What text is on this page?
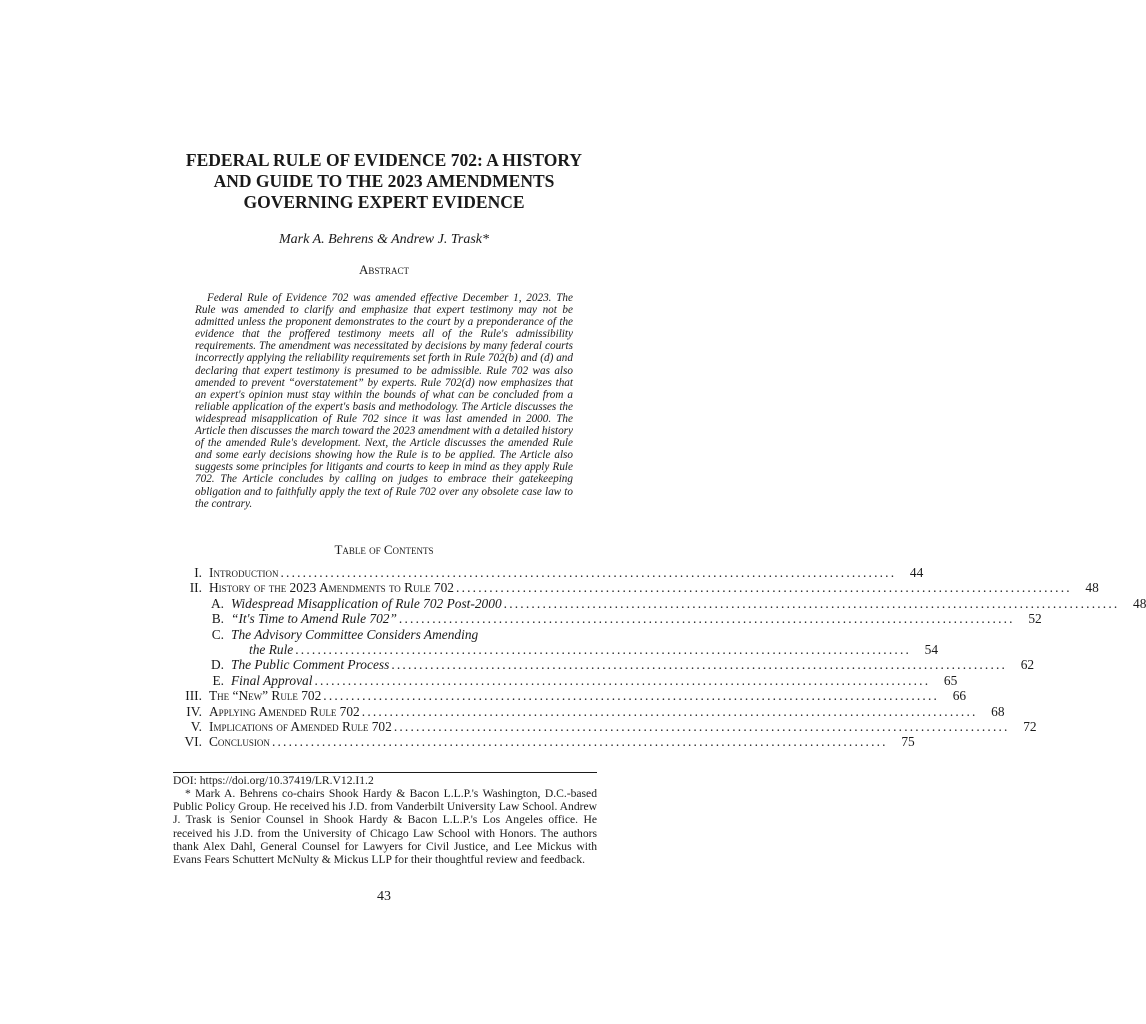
FEDERAL RULE OF EVIDENCE 702: A HISTORY
AND GUIDE TO THE 2023 AMENDMENTS
GOVERNING EXPERT EVIDENCE

Mark A. Behrens & Andrew J. Trask*

Abstract

Federal Rule of Evidence 702 was amended effective December 1, 2023. The Rule was amended to clarify and emphasize that expert testimony may not be admitted unless the proponent demonstrates to the court by a preponderance of the evidence that the proffered testimony meets all of the Rule's admissibility requirements. The amendment was necessitated by decisions by many federal courts incorrectly applying the reliability requirements set forth in Rule 702(b) and (d) and declaring that expert testimony is presumed to be admissible. Rule 702 was also amended to prevent “overstatement” by experts. Rule 702(d) now emphasizes that an expert's opinion must stay within the bounds of what can be concluded from a reliable application of the expert's basis and methodology. The Article discusses the widespread misapplication of Rule 702 since it was last amended in 2000. The Article then discusses the march toward the 2023 amendment with a detailed history of the amended Rule's development. Next, the Article discusses the amended Rule and some early decisions showing how the Rule is to be applied. The Article also suggests some principles for litigants and courts to keep in mind as they apply Rule 702. The Article concludes by calling on judges to embrace their gatekeeping obligation and to faithfully apply the text of Rule 702 over any obsolete case law to the contrary.

Table of Contents
I. Introduction ...............................................................................................................	44
II. History of the 2023 Amendments to Rule 702 ...............................................................................................................	48
A. Widespread Misapplication of Rule 702 Post-2000 ...............................................................................................................	48
B. “It's Time to Amend Rule 702” ...............................................................................................................	52
C. The Advisory Committee Considers Amending
the Rule ...............................................................................................................	54
D. The Public Comment Process ...............................................................................................................	62
E. Final Approval ...............................................................................................................	65
III. The “New” Rule 702 ...............................................................................................................	66
IV. Applying Amended Rule 702 ...............................................................................................................	68
V. Implications of Amended Rule 702 ...............................................................................................................	72
VI. Conclusion ...............................................................................................................	75

DOI: https://doi.org/10.37419/LR.V12.I1.2

* Mark A. Behrens co-chairs Shook Hardy & Bacon L.L.P.'s Washington, D.C.-based Public Policy Group. He received his J.D. from Vanderbilt University Law School. Andrew J. Trask is Senior Counsel in Shook Hardy & Bacon L.L.P.'s Los Angeles office. He received his J.D. from the University of Chicago Law School with Honors. The authors thank Alex Dahl, General Counsel for Lawyers for Civil Justice, and Lee Mickus with Evans Fears Schuttert McNulty & Mickus LLP for their thoughtful review and feedback.

43
